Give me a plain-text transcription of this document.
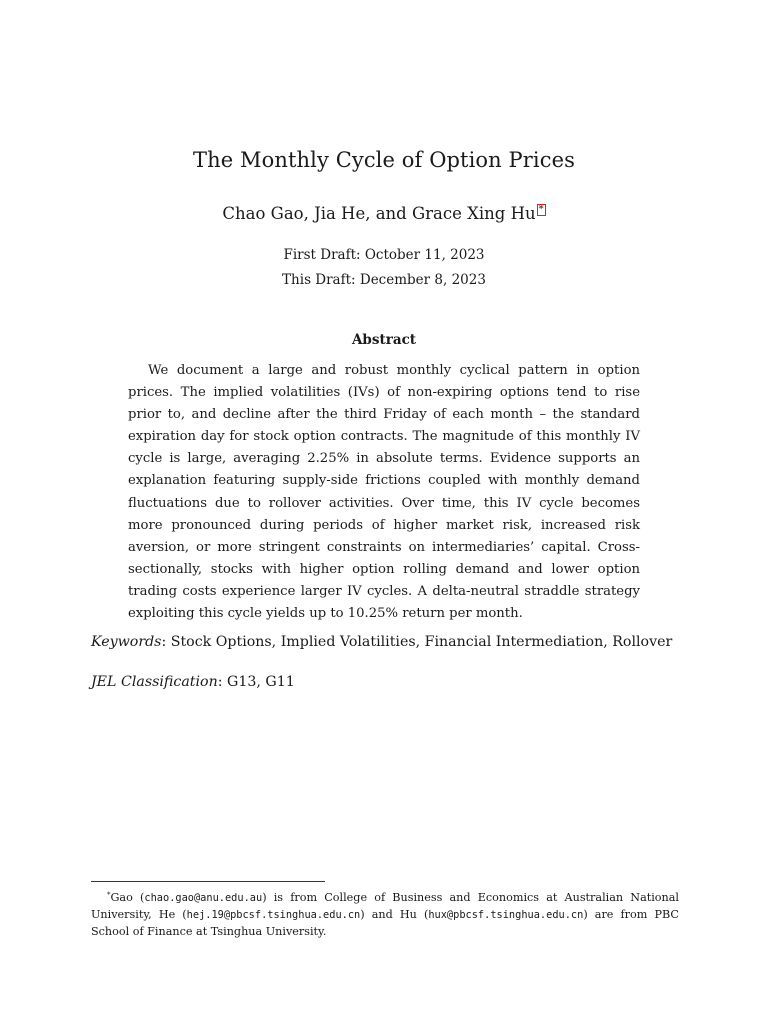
The Monthly Cycle of Option Prices
Chao Gao, Jia He, and Grace Xing Hu *
First Draft: October 11, 2023
This Draft: December 8, 2023
Abstract

We document a large and robust monthly cyclical pattern in option prices. The implied volatilities (IVs) of non-expiring options tend to rise prior to, and decline after the third Friday of each month – the standard expiration day for stock option contracts. The magnitude of this monthly IV cycle is large, averaging 2.25% in absolute terms. Evidence supports an explanation featuring supply-side frictions coupled with monthly demand fluctuations due to rollover activities. Over time, this IV cycle becomes more pronounced during periods of higher market risk, increased risk aversion, or more stringent constraints on intermediaries’ capital. Cross-sectionally, stocks with higher option rolling demand and lower option trading costs experience larger IV cycles. A delta-neutral straddle strategy exploiting this cycle yields up to 10.25% return per month.

Keywords: Stock Options, Implied Volatilities, Financial Intermediation, Rollover
JEL Classification: G13, G11

*Gao (chao.gao@anu.edu.au) is from College of Business and Economics at Australian National University, He (hej.19@pbcsf.tsinghua.edu.cn) and Hu (hux@pbcsf.tsinghua.edu.cn) are from PBC School of Finance at Tsinghua University.
